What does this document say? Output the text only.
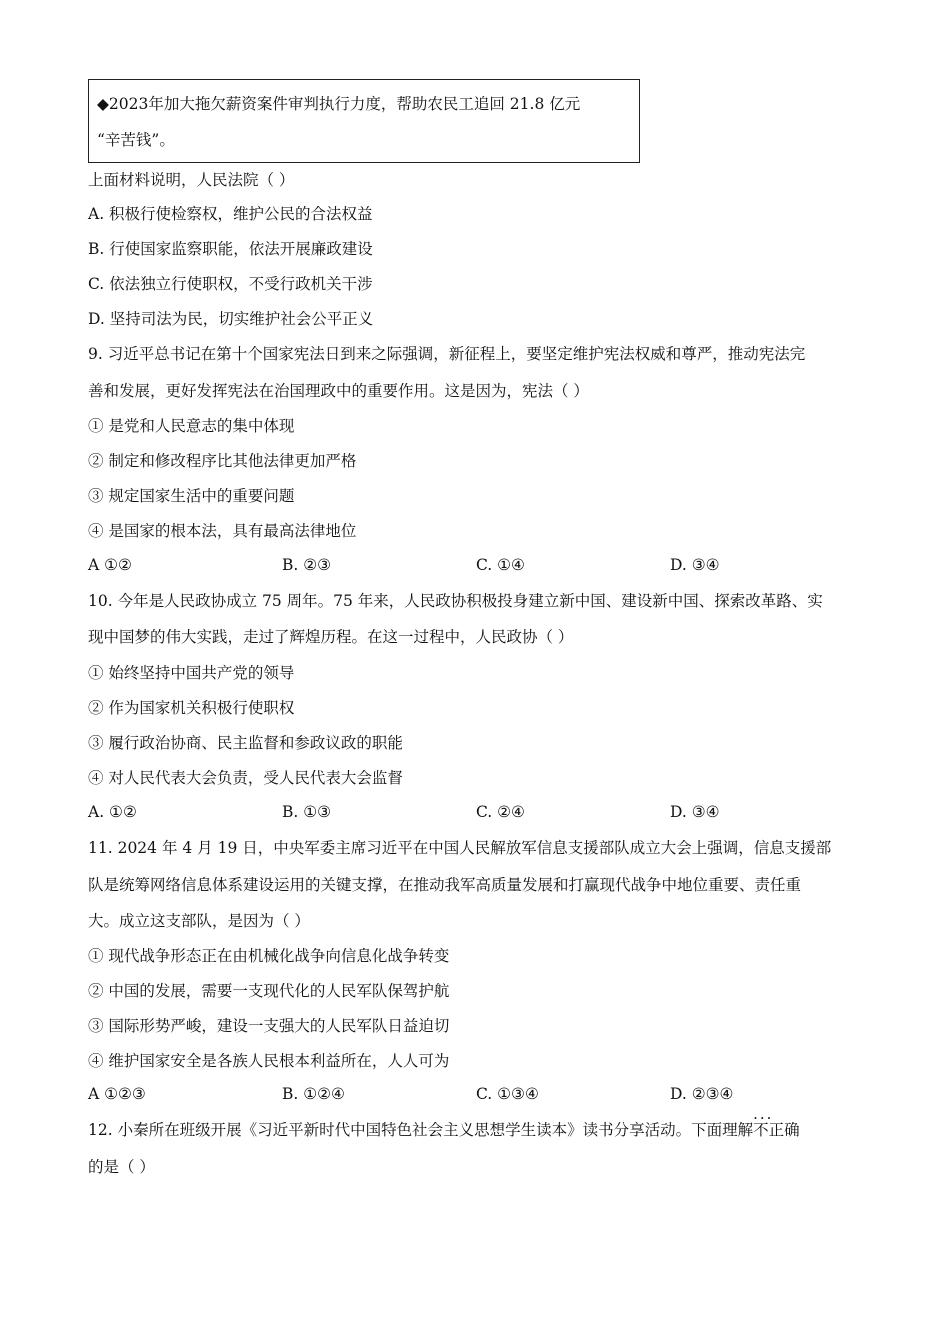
◆2023年加大拖欠薪资案件审判执行力度，帮助农民工追回 21.8 亿元
“辛苦钱”。
上面材料说明，人民法院（ ）
A. 积极行使检察权，维护公民的合法权益
B. 行使国家监察职能，依法开展廉政建设
C. 依法独立行使职权，不受行政机关干涉
D. 坚持司法为民，切实维护社会公平正义
9. 习近平总书记在第十个国家宪法日到来之际强调，新征程上，要坚定维护宪法权威和尊严，推动宪法完
善和发展，更好发挥宪法在治国理政中的重要作用。这是因为，宪法（ ）
① 是党和人民意志的集中体现
② 制定和修改程序比其他法律更加严格
③ 规定国家生活中的重要问题
④ 是国家的根本法，具有最高法律地位
A ①②	B. ②③	C. ①④	D. ③④
10. 今年是人民政协成立 75 周年。75 年来，人民政协积极投身建立新中国、建设新中国、探索改革路、实
现中国梦的伟大实践，走过了辉煌历程。在这一过程中，人民政协（ ）
① 始终坚持中国共产党的领导
② 作为国家机关积极行使职权
③ 履行政治协商、民主监督和参政议政的职能
④ 对人民代表大会负责，受人民代表大会监督
A. ①②	B. ①③	C. ②④	D. ③④
11. 2024 年 4 月 19 日，中央军委主席习近平在中国人民解放军信息支援部队成立大会上强调，信息支援部
队是统筹网络信息体系建设运用的关键支撑，在推动我军高质量发展和打赢现代战争中地位重要、责任重
大。成立这支部队，是因为（ ）
① 现代战争形态正在由机械化战争向信息化战争转变
② 中国的发展，需要一支现代化的人民军队保驾护航
③ 国际形势严峻，建设一支强大的人民军队日益迫切
④ 维护国家安全是各族人民根本利益所在，人人可为
A ①②③	B. ①②④	C. ①③④	D. ②③④
12. 小秦所在班级开展《习近平新时代中国特色社会主义思想学生读本》读书分享活动。下面理解··· 不正确
的是（ ）
